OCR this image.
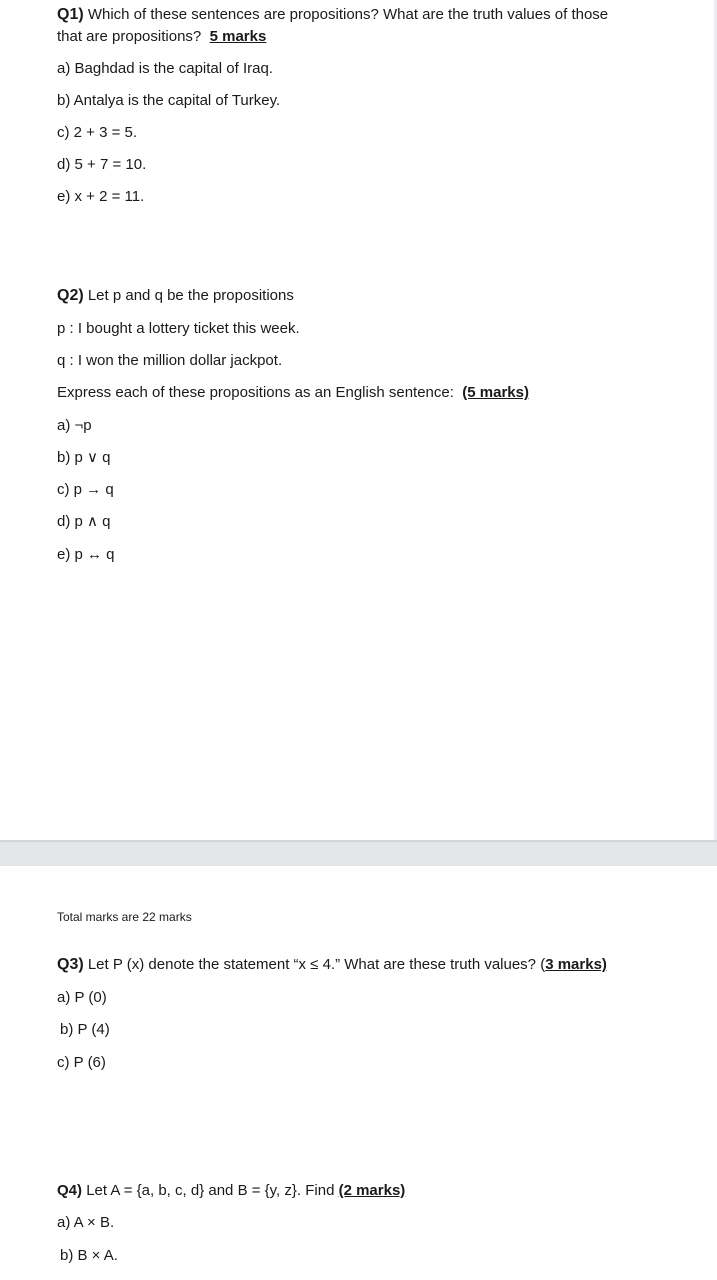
Q1) Which of these sentences are propositions? What are the truth values of those
that are propositions? 5 marks
a) Baghdad is the capital of Iraq.
b) Antalya is the capital of Turkey.
c) 2 + 3 = 5.
d) 5 + 7 = 10.
e) x + 2 = 11.
Q2) Let p and q be the propositions
p : I bought a lottery ticket this week.
q : I won the million dollar jackpot.
Express each of these propositions as an English sentence: (5 marks)
a) ¬p
b) p ∨ q
c) p → q
d) p ∧ q
e) p ↔ q
Total marks are 22 marks
Q3) Let P (x) denote the statement “x ≤ 4.” What are these truth values? (3 marks)
a) P (0)
b) P (4)
c) P (6)
Q4) Let A = {a, b, c, d} and B = {y, z}. Find (2 marks)
a) A × B.
b) B × A.
